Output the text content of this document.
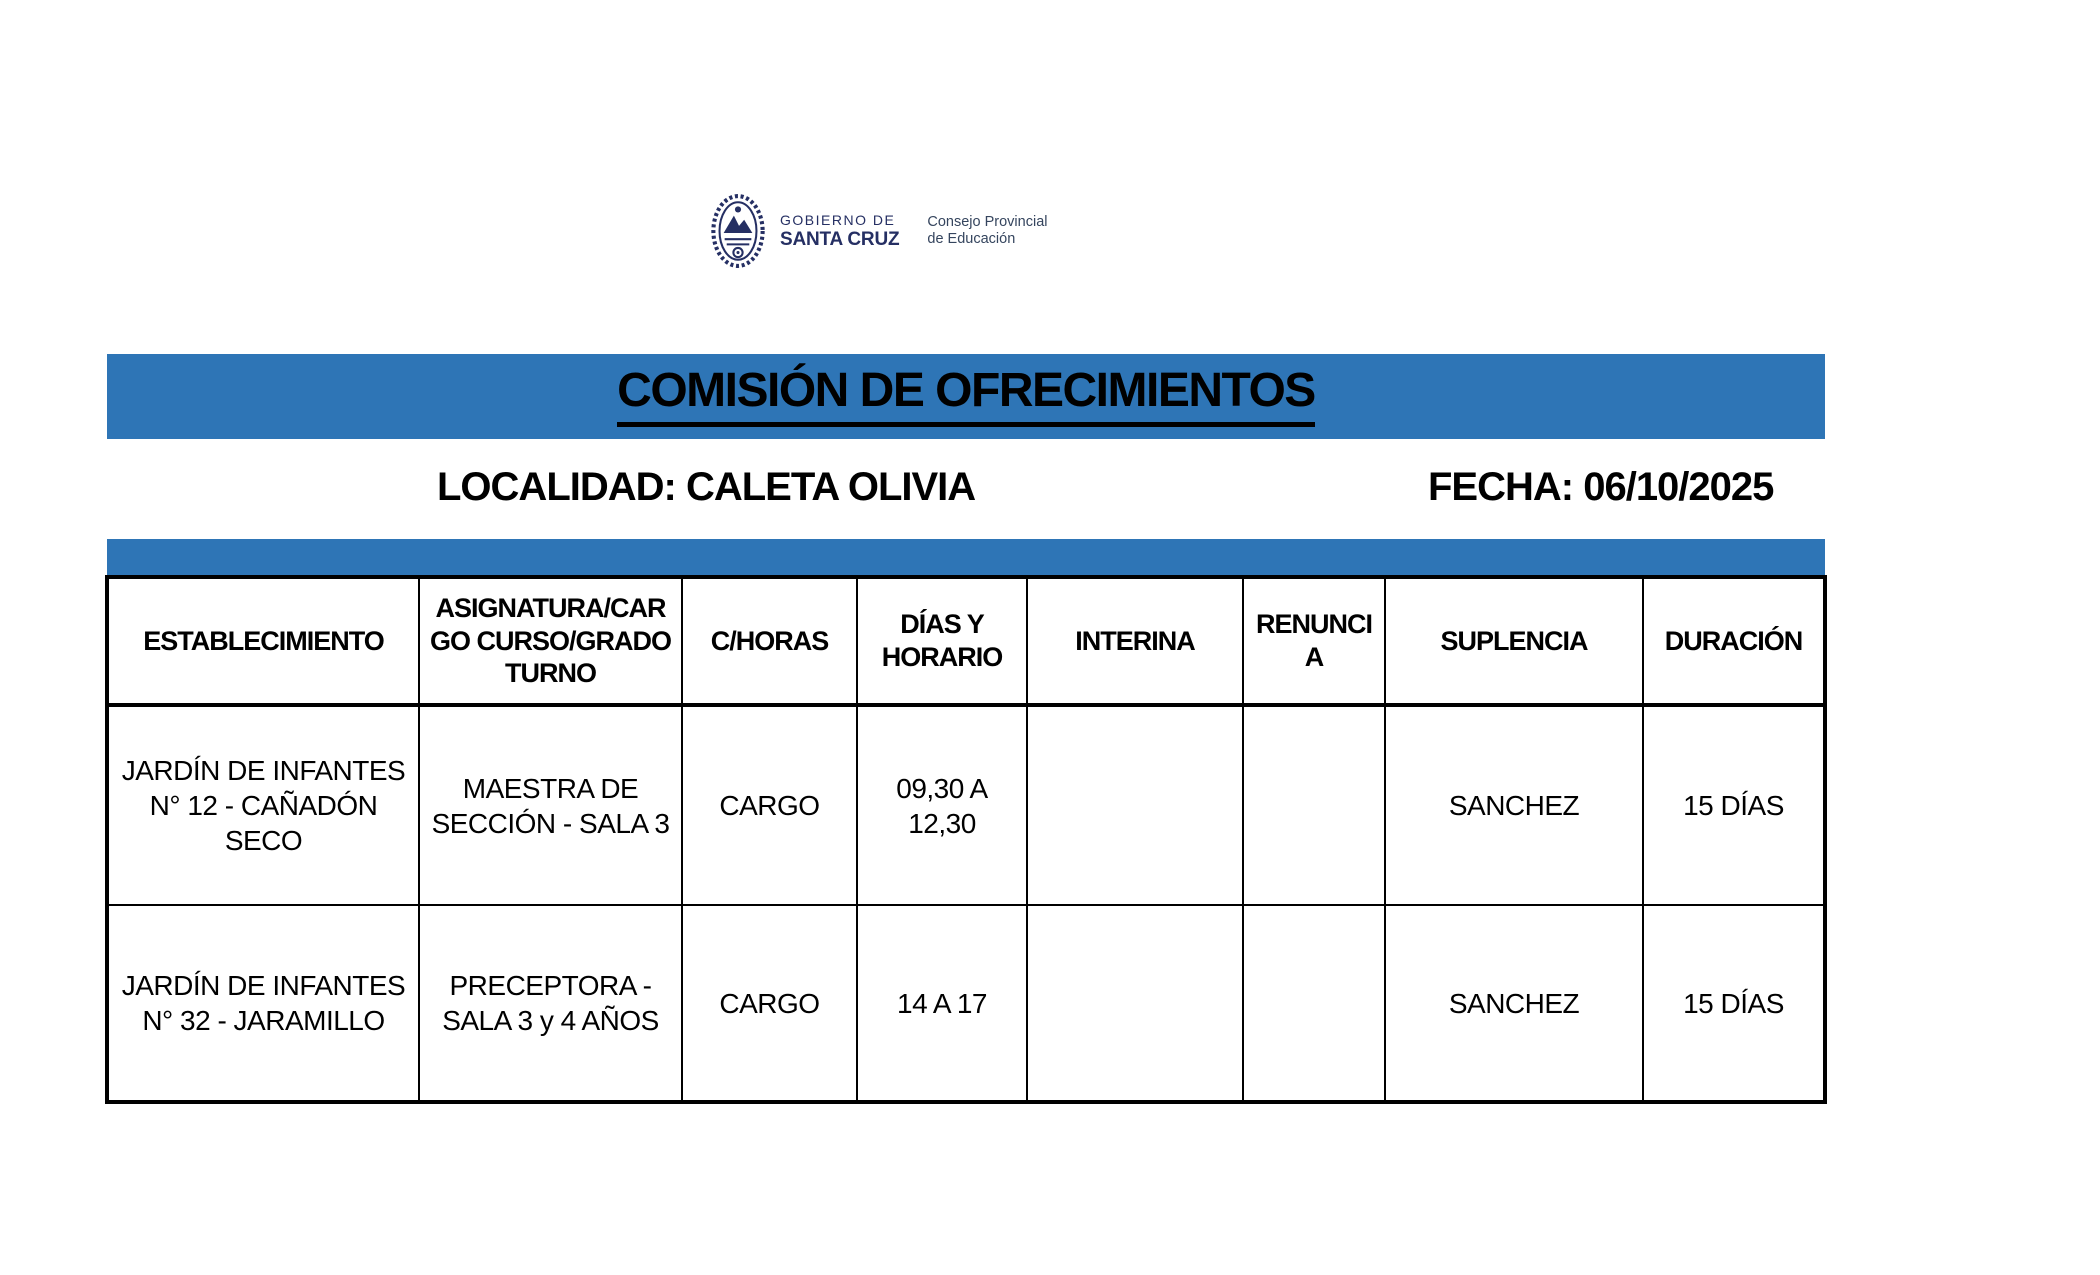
GOBIERNO DE
SANTA CRUZ
Consejo Provincial
de Educación
COMISIÓN DE OFRECIMIENTOS
LOCALIDAD: CALETA OLIVIA	FECHA: 06/10/2025
ESTABLECIMIENTO	ASIGNATURA/CARGO CURSO/GRADO TURNO	C/HORAS	DÍAS Y HORARIO	INTERINA	RENUNCIA	SUPLENCIA	DURACIÓN
JARDÍN DE INFANTES N° 12 - CAÑADÓN SECO	MAESTRA DE SECCIÓN - SALA 3	CARGO	09,30 A 12,30			SANCHEZ	15 DÍAS
JARDÍN DE INFANTES N° 32 - JARAMILLO	PRECEPTORA - SALA 3 y 4 AÑOS	CARGO	14 A 17			SANCHEZ	15 DÍAS
